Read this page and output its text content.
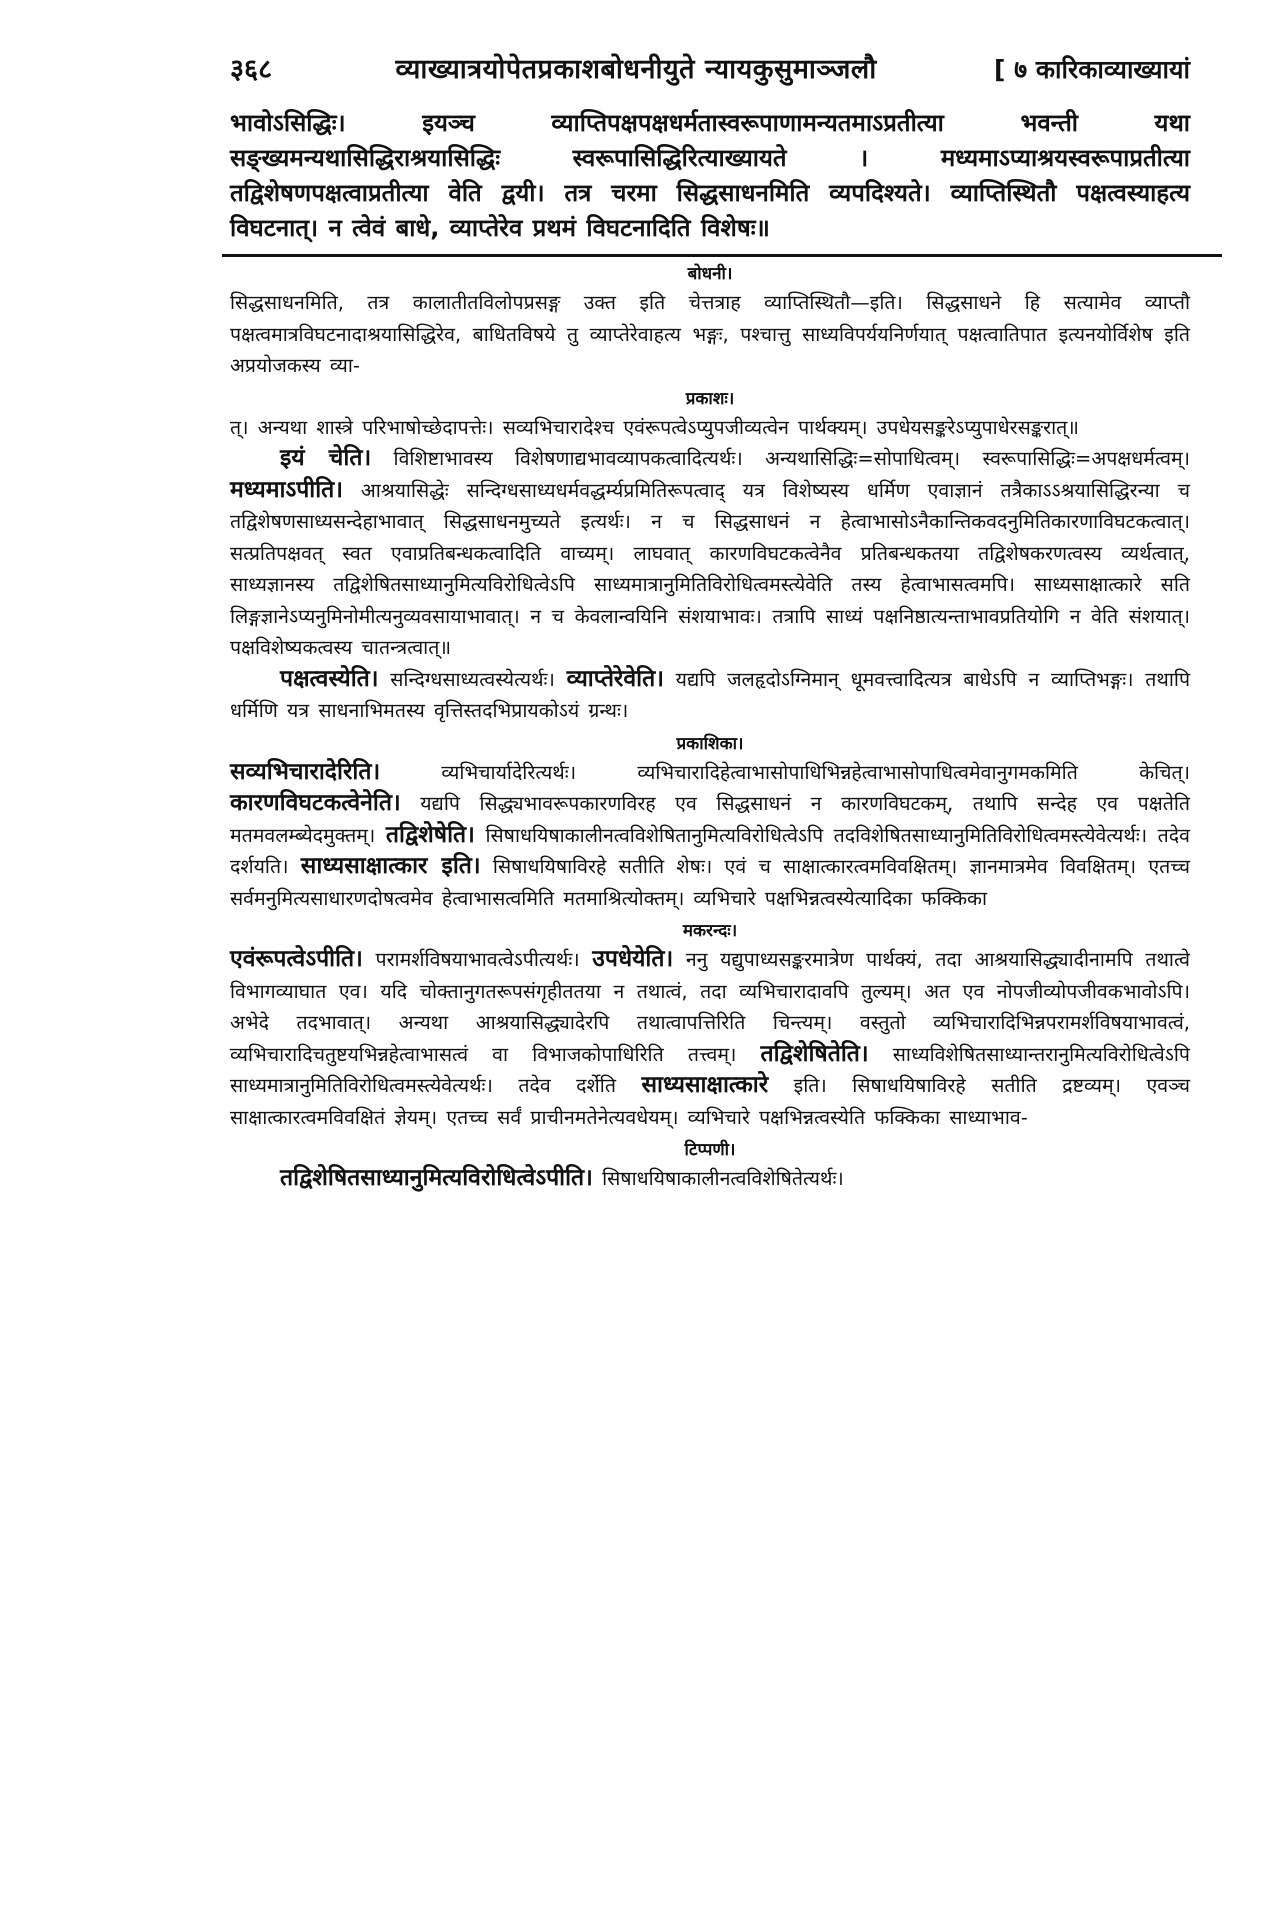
३६८	व्याख्यात्रयोपेतप्रकाशबोधनीयुते न्यायकुसुमाञ्जलौ	[ ७ कारिकाव्याख्यायां
भावोऽसिद्धिः। इयञ्च व्याप्तिपक्षपक्षधर्मतास्वरूपाणामन्यतमाऽप्रतीत्या भवन्ती यथा सङ्ख्यमन्यथासिद्धिराश्रयासिद्धिः स्वरूपासिद्धिरित्याख्यायते । मध्यमाऽप्याश्रयस्वरूपाप्रतीत्या तद्विशेषणपक्षत्वाप्रतीत्या वेति द्वयी। तत्र चरमा सिद्धसाधनमिति व्यपदिश्यते। व्याप्तिस्थितौ पक्षत्वस्याहत्य विघटनात्। न त्वेवं बाधे, व्याप्तेरेव प्रथमं विघटनादिति विशेषः॥
बोधनी।

सिद्धसाधनमिति, तत्र कालातीतविलोपप्रसङ्ग उक्त इति चेत्तत्राह व्याप्तिस्थितौ—इति। सिद्धसाधने हि सत्यामेव व्याप्तौ पक्षत्वमात्रविघटनादाश्रयासिद्धिरेव, बाधितविषये तु व्याप्तेरेवाहत्य भङ्गः, पश्चात्तु साध्यविपर्ययनिर्णयात् पक्षत्वातिपात इत्यनयोर्विशेष इति अप्रयोजकस्य व्या-

प्रकाशः।

त्। अन्यथा शास्त्रे परिभाषोच्छेदापत्तेः। सव्यभिचारादेश्च एवंरूपत्वेऽप्युपजीव्यत्वेन पार्थक्यम्। उपधेयसङ्करेऽप्युपाधेरसङ्करात्॥

इयं चेति। विशिष्टाभावस्य विशेषणाद्यभावव्यापकत्वादित्यर्थः। अन्यथासिद्धिः=सोपाधित्वम्। स्वरूपासिद्धिः=अपक्षधर्मत्वम्। मध्यमाऽपीति। आश्रयासिद्धेः सन्दिग्धसाध्यधर्मवद्धर्म्यप्रमितिरूपत्वाद् यत्र विशेष्यस्य धर्मिण एवाज्ञानं तत्रैकाऽऽश्रयासिद्धिरन्या च तद्विशेषणसाध्यसन्देहाभावात् सिद्धसाधनमुच्यते इत्यर्थः। न च सिद्धसाधनं न हेत्वाभासोऽनैकान्तिकवदनुमितिकारणाविघटकत्वात्। सत्प्रतिपक्षवत् स्वत एवाप्रतिबन्धकत्वादिति वाच्यम्। लाघवात् कारणविघटकत्वेनैव प्रतिबन्धकतया तद्विशेषकरणत्वस्य व्यर्थत्वात्, साध्यज्ञानस्य तद्विशेषितसाध्यानुमित्यविरोधित्वेऽपि साध्यमात्रानुमितिविरोधित्वमस्त्येवेति तस्य हेत्वाभासत्वमपि। साध्यसाक्षात्कारे सति लिङ्गज्ञानेऽप्यनुमिनोमीत्यनुव्यवसायाभावात्। न च केवलान्वयिनि संशयाभावः। तत्रापि साध्यं पक्षनिष्ठात्यन्ताभावप्रतियोगि न वेति संशयात्। पक्षविशेष्यकत्वस्य चातन्त्रत्वात्॥

पक्षत्वस्येति। सन्दिग्धसाध्यत्वस्येत्यर्थः। व्याप्तेरेवेति। यद्यपि जलहृदोऽग्निमान् धूमवत्त्वादित्यत्र बाधेऽपि न व्याप्तिभङ्गः। तथापि धर्मिणि यत्र साधनाभिमतस्य वृत्तिस्तदभिप्रायकोऽयं ग्रन्थः।

प्रकाशिका।

सव्यभिचारादेरिति।	व्यभिचार्यादेरित्यर्थः। व्यभिचारादिहेत्वाभासोपाधिभिन्नहेत्वाभासोपाधित्वमेवानुगमकमिति केचित्। कारणविघटकत्वेनेति। यद्यपि सिद्ध्यभावरूपकारणविरह एव सिद्धसाधनं न कारणविघटकम्, तथापि सन्देह एव पक्षतेति मतमवलम्ब्येदमुक्तम्। तद्विशेषेति। सिषाधयिषाकालीनत्वविशेषितानुमित्यविरोधित्वेऽपि तदविशेषितसाध्यानुमितिविरोधित्वमस्त्येवेत्यर्थः। तदेव दर्शयति। साध्यसाक्षात्कार इति। सिषाधयिषाविरहे सतीति शेषः। एवं च साक्षात्कारत्वमविवक्षितम्। ज्ञानमात्रमेव विवक्षितम्। एतच्च सर्वमनुमित्यसाधारणदोषत्वमेव हेत्वाभासत्वमिति मतमाश्रित्योक्तम्। व्यभिचारे पक्षभिन्नत्वस्येत्यादिका फक्किका

मकरन्दः।

एवंरूपत्वेऽपीति। परामर्शविषयाभावत्वेऽपीत्यर्थः। उपधेयेति। ननु यद्युपाध्यसङ्करमात्रेण पार्थक्यं, तदा आश्रयासिद्ध्यादीनामपि तथात्वे विभागव्याघात एव। यदि चोक्तानुगतरूपसंगृहीततया न तथात्वं, तदा व्यभिचारादावपि तुल्यम्। अत एव नोपजीव्योपजीवकभावोऽपि। अभेदे तदभावात्। अन्यथा आश्रयासिद्ध्यादेरपि तथात्वापत्तिरिति चिन्त्यम्। वस्तुतो व्यभिचारादिभिन्नपरामर्शविषयाभावत्वं, व्यभिचारादिचतुष्टयभिन्नहेत्वाभासत्वं वा विभाजकोपाधिरिति तत्त्वम्। तद्विशेषितेति। साध्यविशेषितसाध्यान्तरानुमित्यविरोधित्वेऽपि साध्यमात्रानुमितिविरोधित्वमस्त्येवेत्यर्थः। तदेव दर्शेति साध्यसाक्षात्कारे इति। सिषाधयिषाविरहे सतीति द्रष्टव्यम्। एवञ्च साक्षात्कारत्वमविवक्षितं ज्ञेयम्। एतच्च सर्वं प्राचीनमतेनेत्यवधेयम्। व्यभिचारे पक्षभिन्नत्वस्येति फक्किका साध्याभाव-

टिप्पणी।

तद्विशेषितसाध्यानुमित्यविरोधित्वेऽपीति। सिषाधयिषाकालीनत्वविशेषितेत्यर्थः।
